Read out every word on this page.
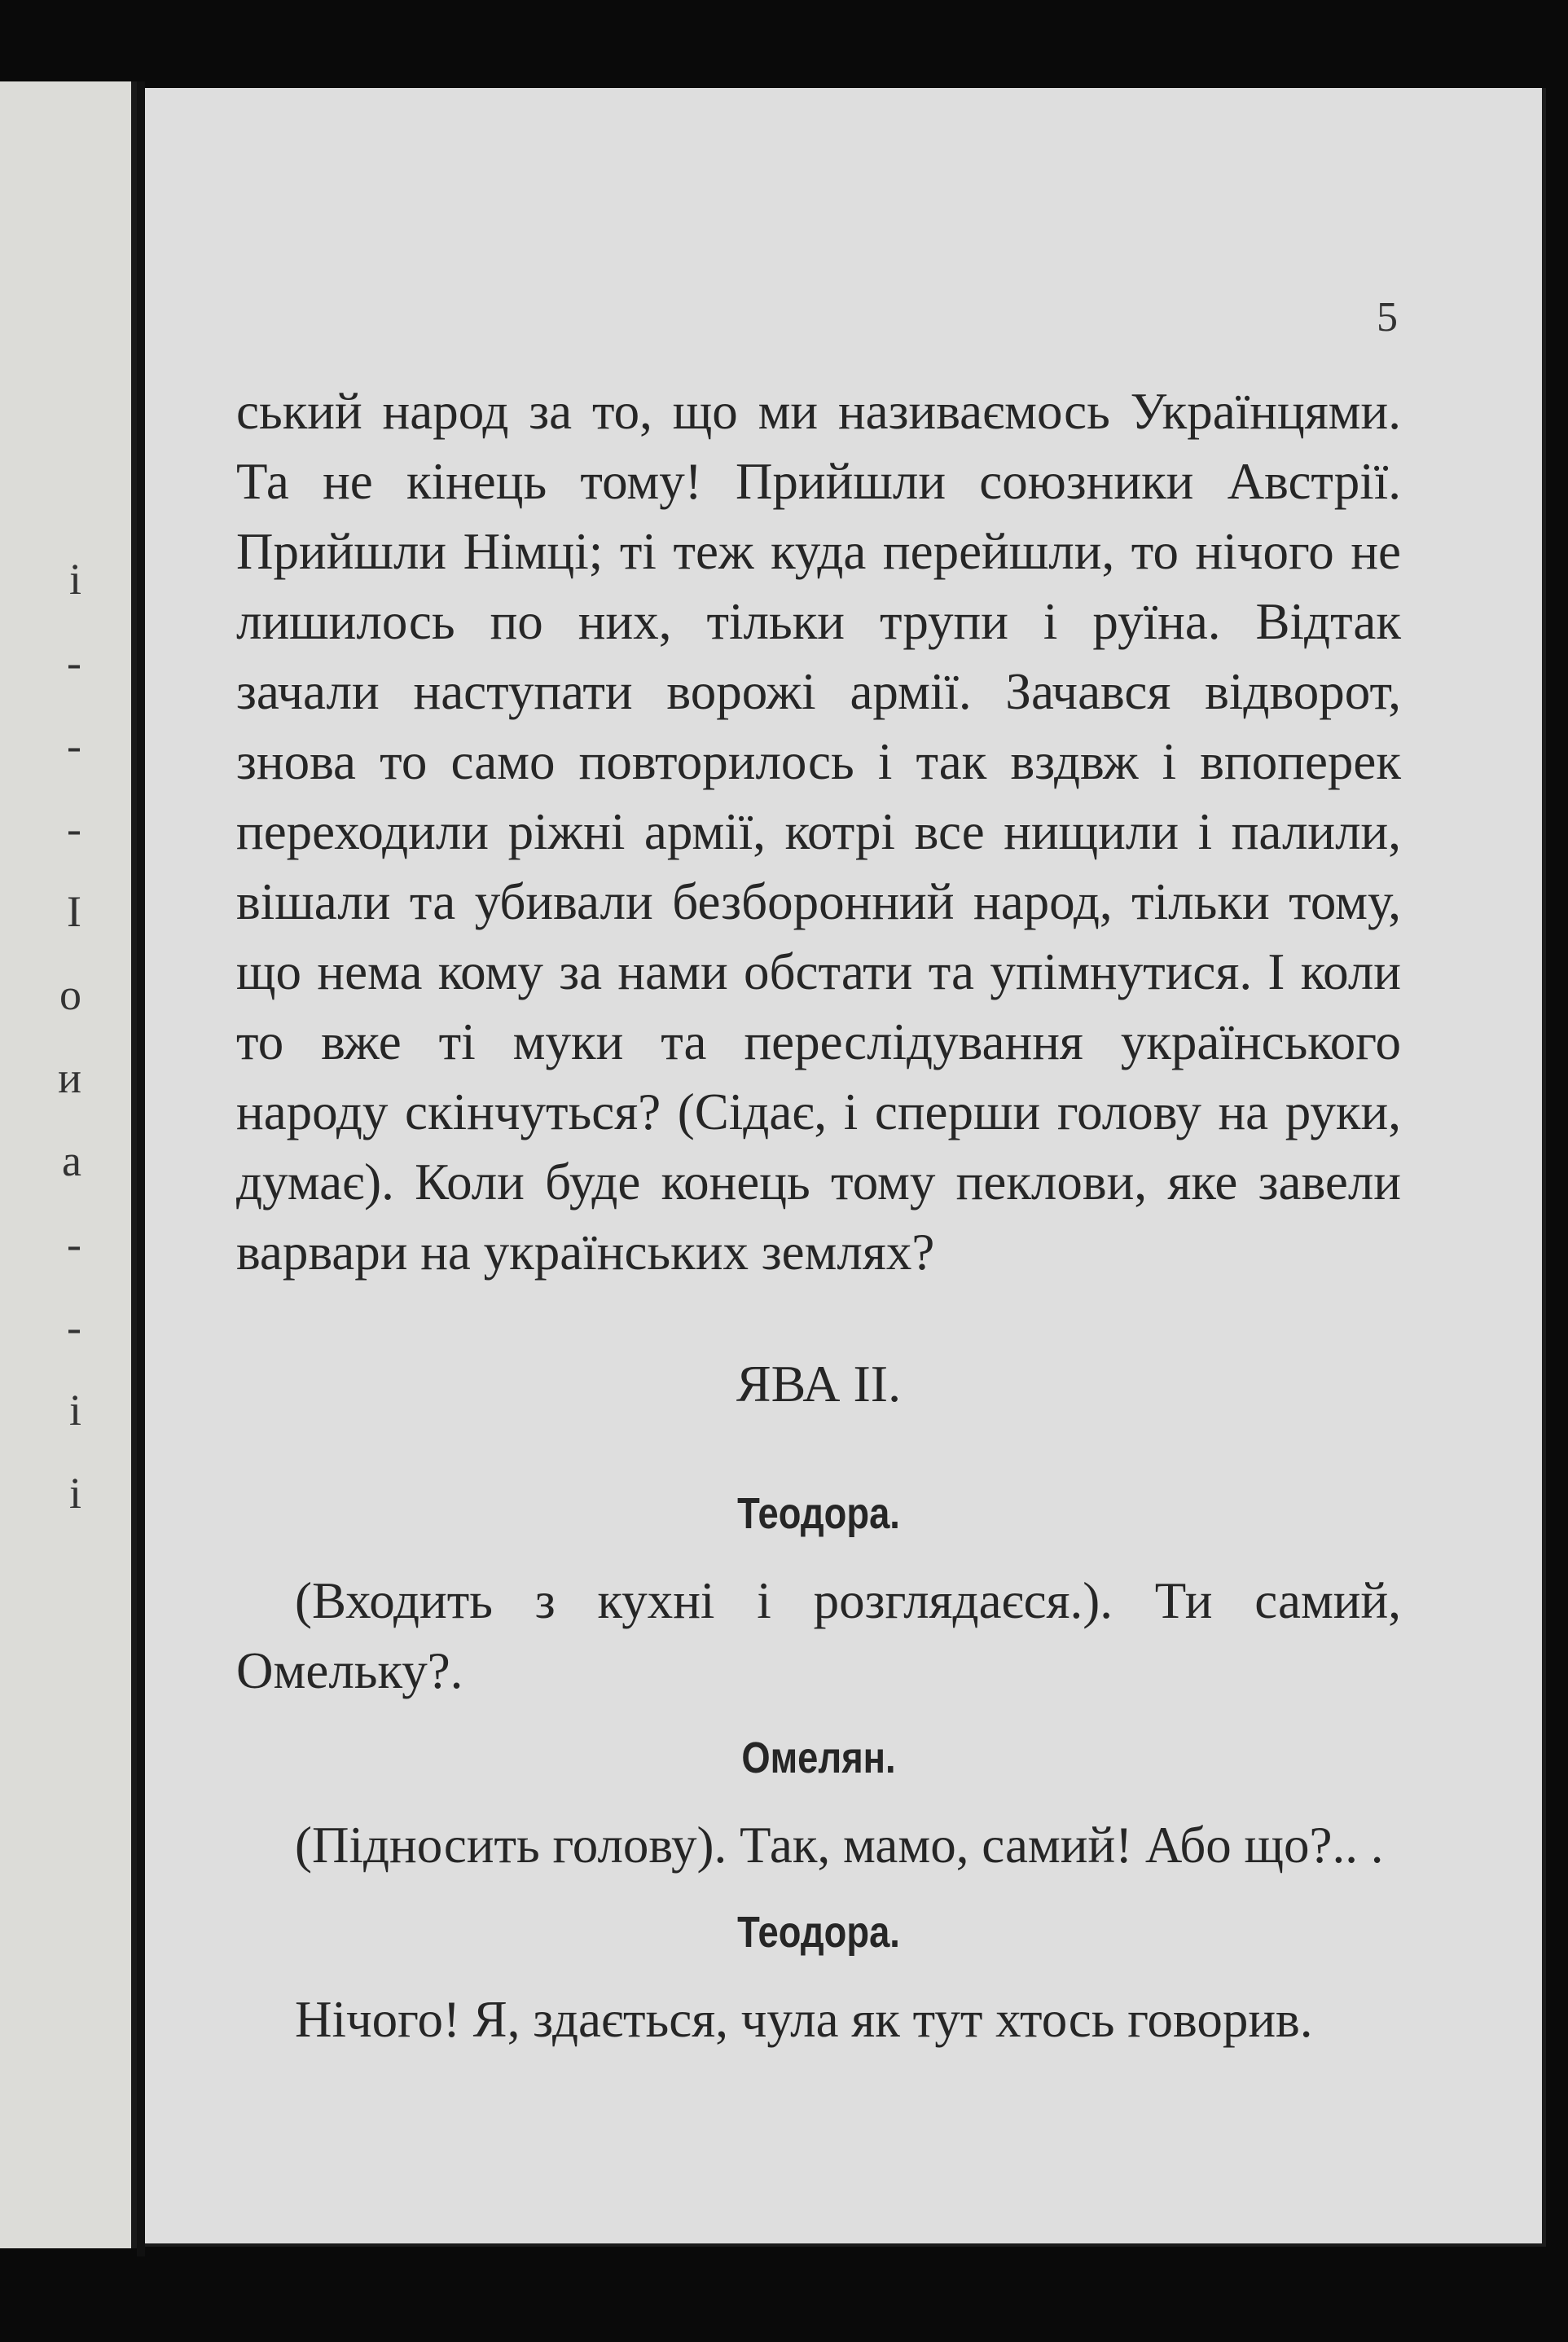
і
-
-
-
І
о
и
а
-
-
і
і

5

ський народ за то, що ми називаємось Українцями. Та не кінець тому! Прийшли союзники Австрії. Прийшли Німці; ті теж куда перейшли, то нічого не лишилось по них, тільки трупи і руїна. Відтак зачали наступати ворожі армії. Зачався відворот, знова то само повторилось і так вздвж і впоперек переходили ріжні армії, котрі все нищили і палили, вішали та убивали безборонний народ, тільки тому, що нема кому за нами обстати та упімнутися. І коли то вже ті муки та переслідування українського народу скінчуться? (Сідає, і сперши голову на руки, думає). Коли буде конець тому пеклови, яке завели варвари на українських землях?

ЯВА II.

Теодора.

(Входить з кухні і розглядаєся.). Ти самий, Омельку?.

Омелян.

(Підносить голову). Так, мамо, самий! Або що?.. .

Теодора.

Нічого! Я, здається, чула як тут хтось говорив.
